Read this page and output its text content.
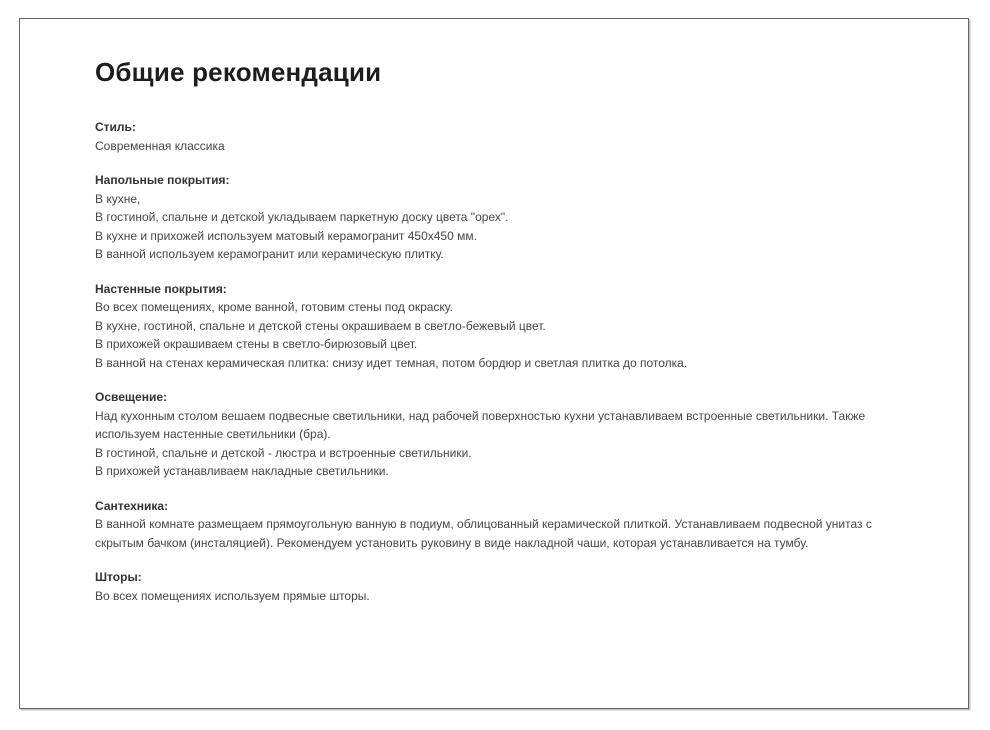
Общие рекомендации
Стиль:
Современная классика
Напольные покрытия:
В кухне,
В гостиной, спальне и детской укладываем паркетную доску цвета "орех".
В кухне и прихожей используем матовый керамогранит 450х450 мм.
В ванной используем керамогранит или керамическую плитку.
Настенные покрытия:
Во всех помещениях, кроме ванной, готовим стены под окраску.
В кухне, гостиной, спальне и детской стены окрашиваем в светло-бежевый цвет.
В прихожей окрашиваем стены в светло-бирюзовый цвет.
В ванной на стенах керамическая плитка: снизу идет темная, потом бордюр и светлая плитка до потолка.
Освещение:
Над кухонным столом вешаем подвесные светильники, над рабочей поверхностью кухни устанавливаем встроенные светильники. Также
используем настенные светильники (бра).
В гостиной, спальне и детской - люстра и встроенные светильники.
В прихожей устанавливаем накладные светильники.
Сантехника:
В ванной комнате размещаем прямоугольную ванную в подиум, облицованный керамической плиткой. Устанавливаем подвесной унитаз с
скрытым бачком (инсталяцией). Рекомендуем установить руковину в виде накладной чаши, которая устанавливается на тумбу.
Шторы:
Во всех помещениях используем прямые шторы.
